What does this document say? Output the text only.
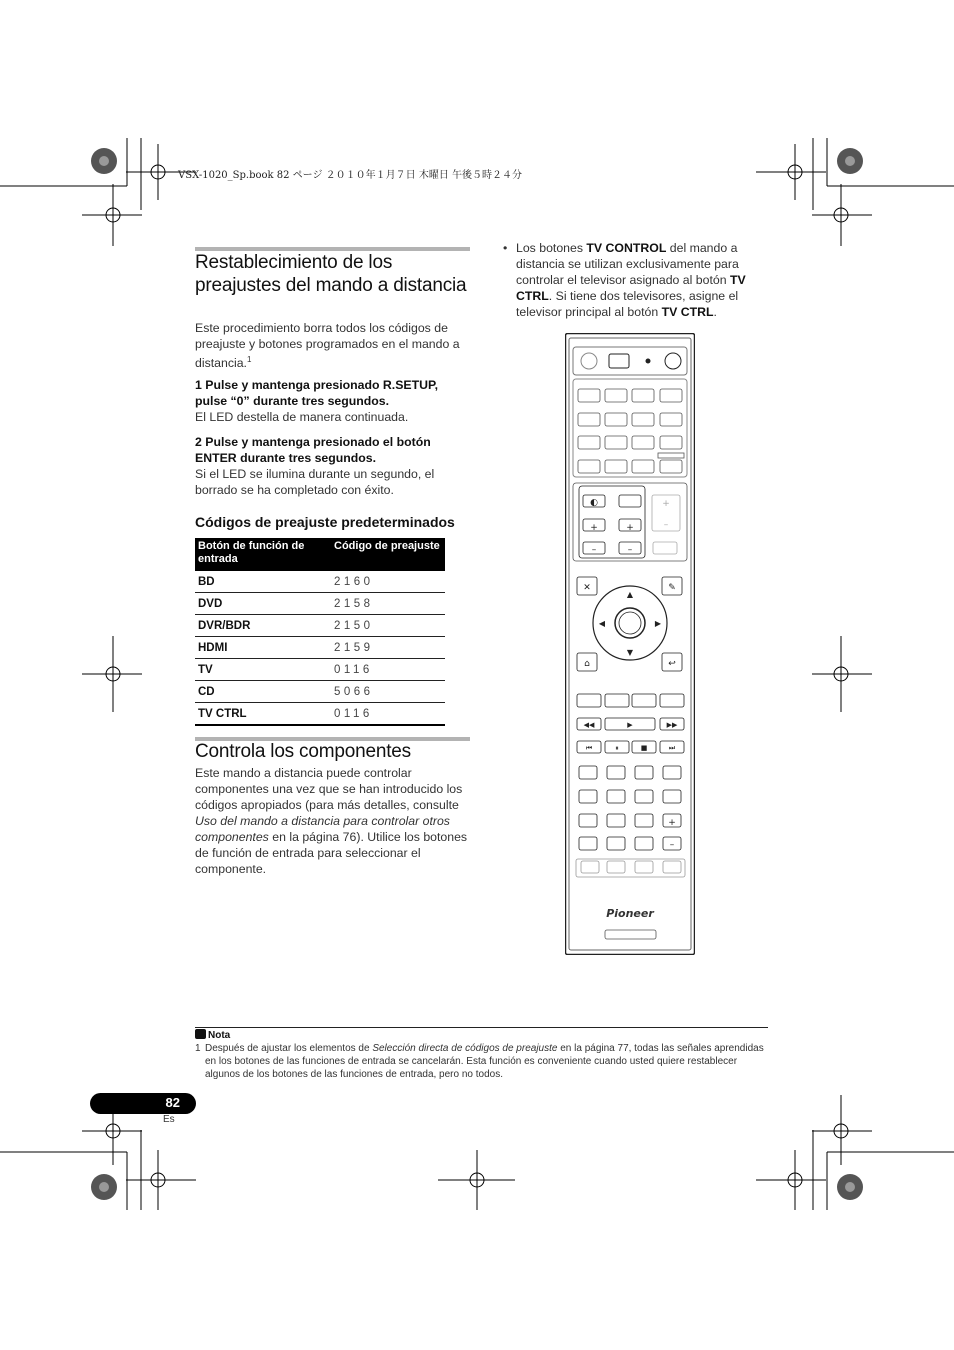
VSX-1020_Sp.book 82 ページ ２０１０年１月７日 木曜日 午後５時２４分
Restablecimiento de los preajustes del mando a distancia
Este procedimiento borra todos los códigos de preajuste y botones programados en el mando a distancia.$^1$
1 Pulse y mantenga presionado R.SETUP, pulse “0” durante tres segundos.
El LED destella de manera continuada.
2 Pulse y mantenga presionado el botón ENTER durante tres segundos.
Si el LED se ilumina durante un segundo, el borrado se ha completado con éxito.
Códigos de preajuste predeterminados
Botón de función de entrada	Código de preajuste
BD	2160
DVD	2158
DVR/BDR	2150
HDMI	2159
TV	0116
CD	5066
TV CTRL	0116
Controla los componentes
Este mando a distancia puede controlar componentes una vez que se han introducido los códigos apropiados (para más detalles, consulte Uso del mando a distancia para controlar otros componentes en la página 76). Utilice los botones de función de entrada para seleccionar el componente.
• Los botones TV CONTROL del mando a distancia se utilizan exclusivamente para controlar el televisor asignado al botón TV CTRL. Si tiene dos televisores, asigne el televisor principal al botón TV CTRL.
+	+
–	–
◐
✕	✎
⌂	↩
▲
▼
◀	▶
◀◀	▶	▶▶
⏮	⏸	■	⏭
+
–
+
–
Pioneer
Nota
1 Después de ajustar los elementos de Selección directa de códigos de preajuste en la página 77, todas las señales aprendidas en los botones de las funciones de entrada se cancelarán. Esta función es conveniente cuando usted quiere restablecer algunos de los botones de las funciones de entrada, pero no todos.
82
Es
